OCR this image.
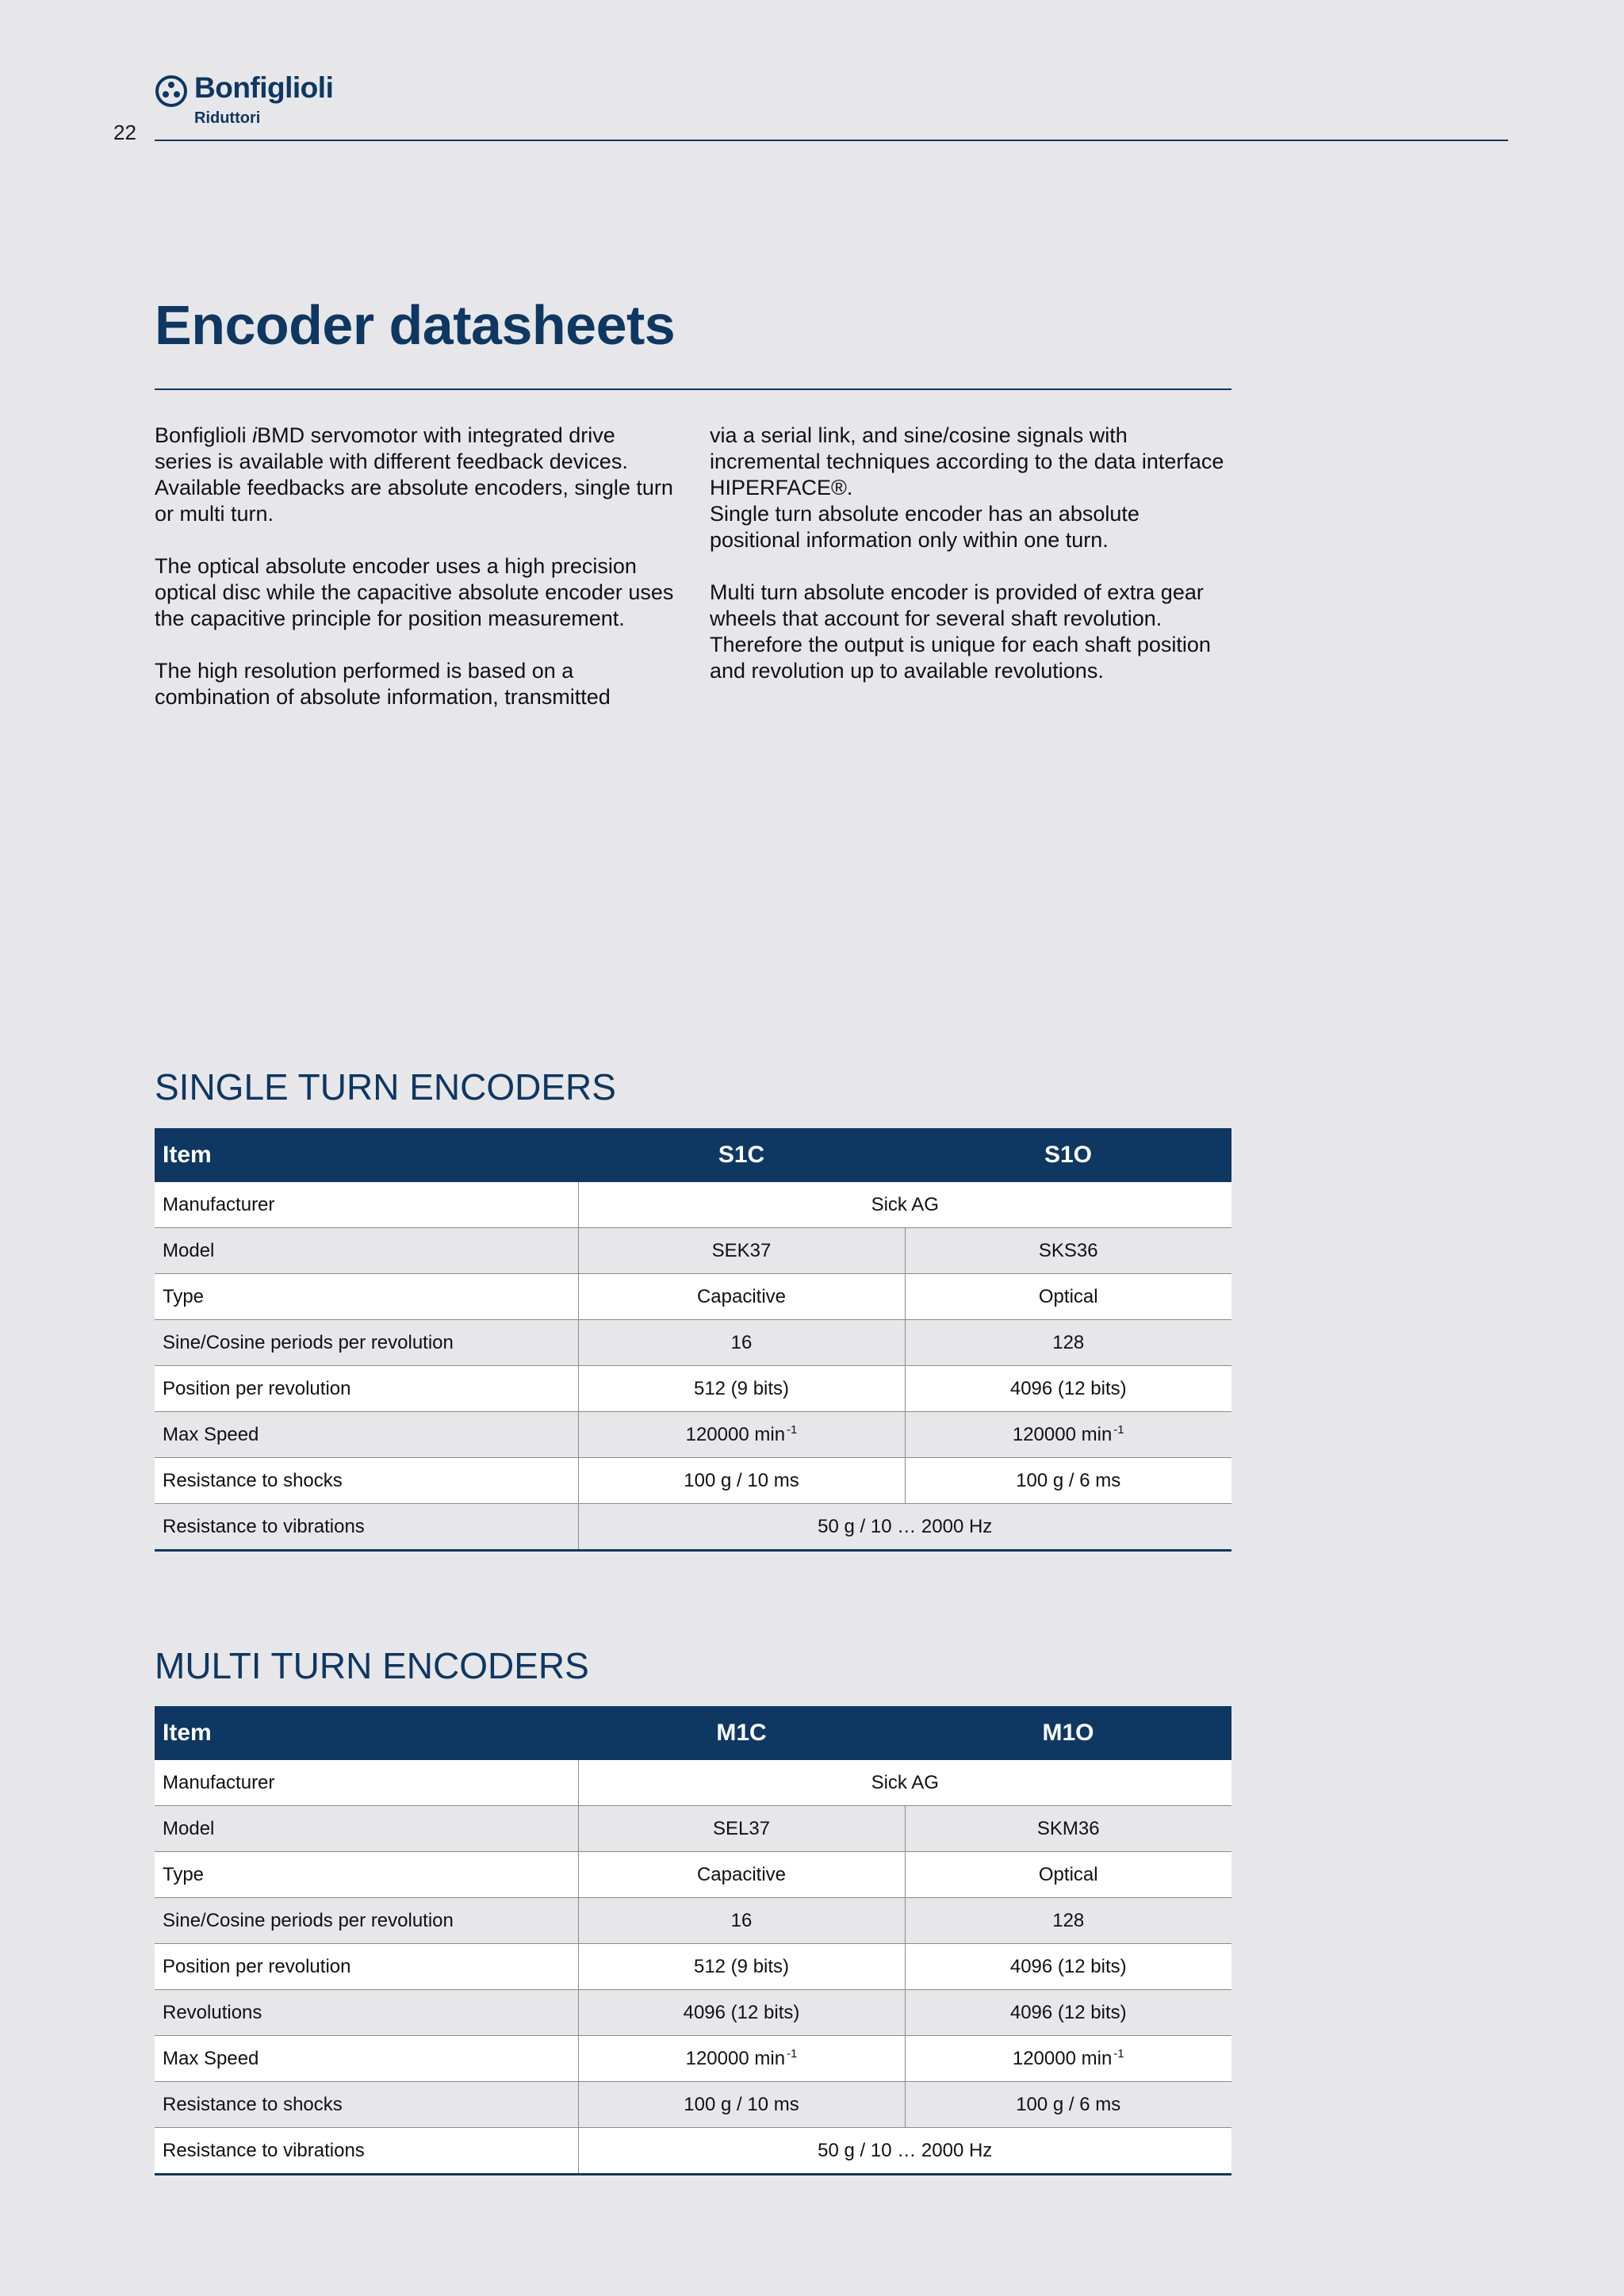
Bonfiglioli
Riduttori
22
Encoder datasheets

Bonfiglioli iBMD servomotor with integrated drive series is available with different feedback devices. Available feedbacks are absolute encoders, single turn or multi turn.

The optical absolute encoder uses a high precision optical disc while the capacitive absolute encoder uses the capacitive principle for position measurement.

The high resolution performed is based on a combination of absolute information, transmitted

via a serial link, and sine/cosine signals with incremental techniques according to the data interface HIPERFACE®.

Single turn absolute encoder has an absolute positional information only within one turn.

Multi turn absolute encoder is provided of extra gear wheels that account for several shaft revolution. Therefore the output is unique for each shaft position and revolution up to available revolutions.

SINGLE TURN ENCODERS
Item	S1C	S1O
Manufacturer	Sick AG	
Model	SEK37	SKS36
Type	Capacitive	Optical
Sine/Cosine periods per revolution	16	128
Position per revolution	512 (9 bits)	4096 (12 bits)
Max Speed	120000 min $^{-1}$	120000 min $^{-1}$
Resistance to shocks	100 g / 10 ms	100 g / 6 ms
Resistance to vibrations	50 g / 10 … 2000 Hz	
MULTI TURN ENCODERS
Item	M1C	M1O
Manufacturer	Sick AG	
Model	SEL37	SKM36
Type	Capacitive	Optical
Sine/Cosine periods per revolution	16	128
Position per revolution	512 (9 bits)	4096 (12 bits)
Revolutions	4096 (12 bits)	4096 (12 bits)
Max Speed	120000 min $^{-1}$	120000 min $^{-1}$
Resistance to shocks	100 g / 10 ms	100 g / 6 ms
Resistance to vibrations	50 g / 10 … 2000 Hz	
